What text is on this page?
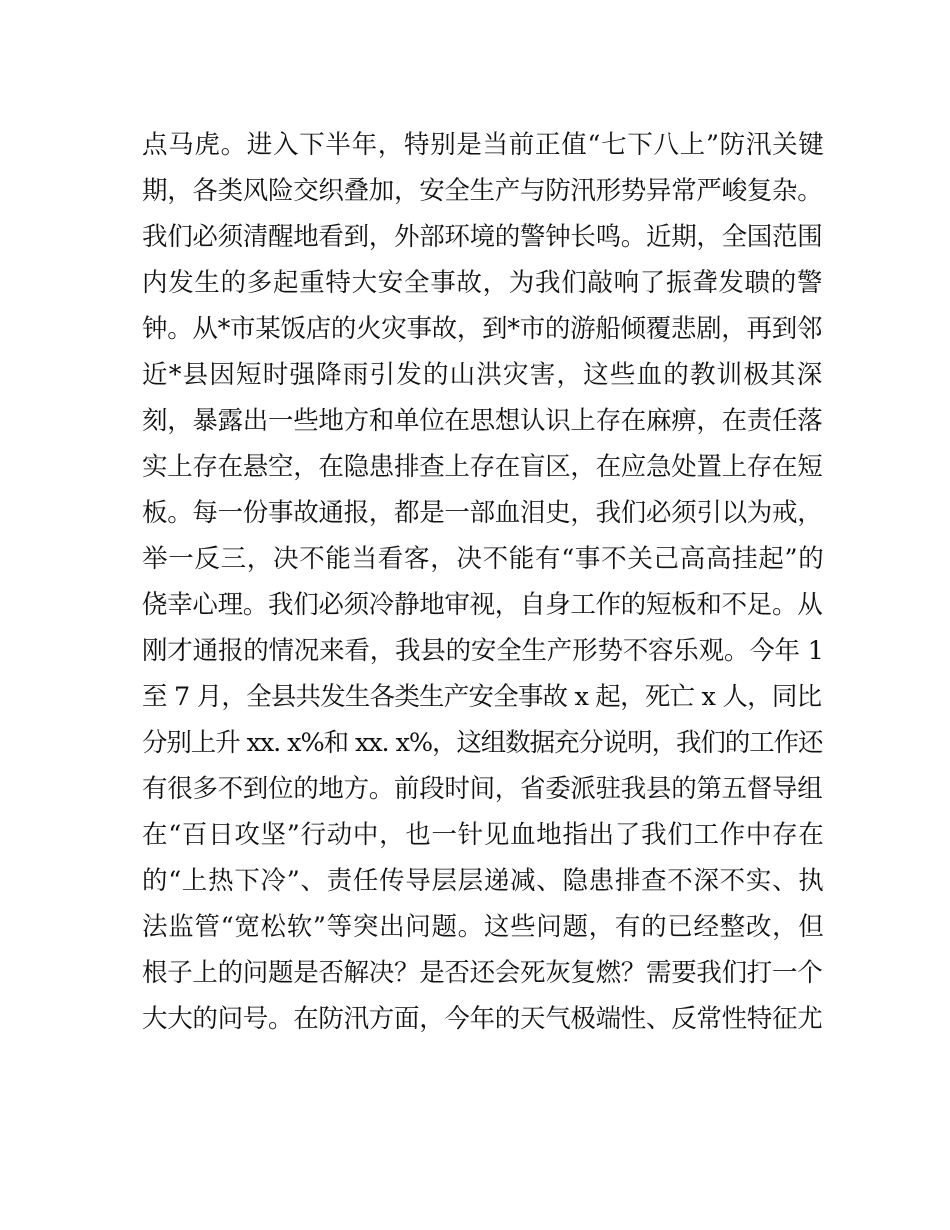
点马虎。进入下半年，特别是当前正值“七下八上”防汛关键
期，各类风险交织叠加，安全生产与防汛形势异常严峻复杂。
我们必须清醒地看到，外部环境的警钟长鸣。近期，全国范围
内发生的多起重特大安全事故，为我们敲响了振聋发聩的警
钟。从*市某饭店的火灾事故，到*市的游船倾覆悲剧，再到邻
近*县因短时强降雨引发的山洪灾害，这些血的教训极其深
刻，暴露出一些地方和单位在思想认识上存在麻痹，在责任落
实上存在悬空，在隐患排查上存在盲区，在应急处置上存在短
板。每一份事故通报，都是一部血泪史，我们必须引以为戒，
举一反三，决不能当看客，决不能有“事不关己高高挂起”的
侥幸心理。我们必须冷静地审视，自身工作的短板和不足。从
刚才通报的情况来看，我县的安全生产形势不容乐观。今年 1
至 7 月，全县共发生各类生产安全事故 x 起，死亡 x 人，同比
分别上升 xx. x%和 xx. x%，这组数据充分说明，我们的工作还
有很多不到位的地方。前段时间，省委派驻我县的第五督导组
在“百日攻坚”行动中，也一针见血地指出了我们工作中存在
的“上热下冷”、责任传导层层递减、隐患排查不深不实、执
法监管“宽松软”等突出问题。这些问题，有的已经整改，但
根子上的问题是否解决？是否还会死灰复燃？需要我们打一个
大大的问号。在防汛方面，今年的天气极端性、反常性特征尤
